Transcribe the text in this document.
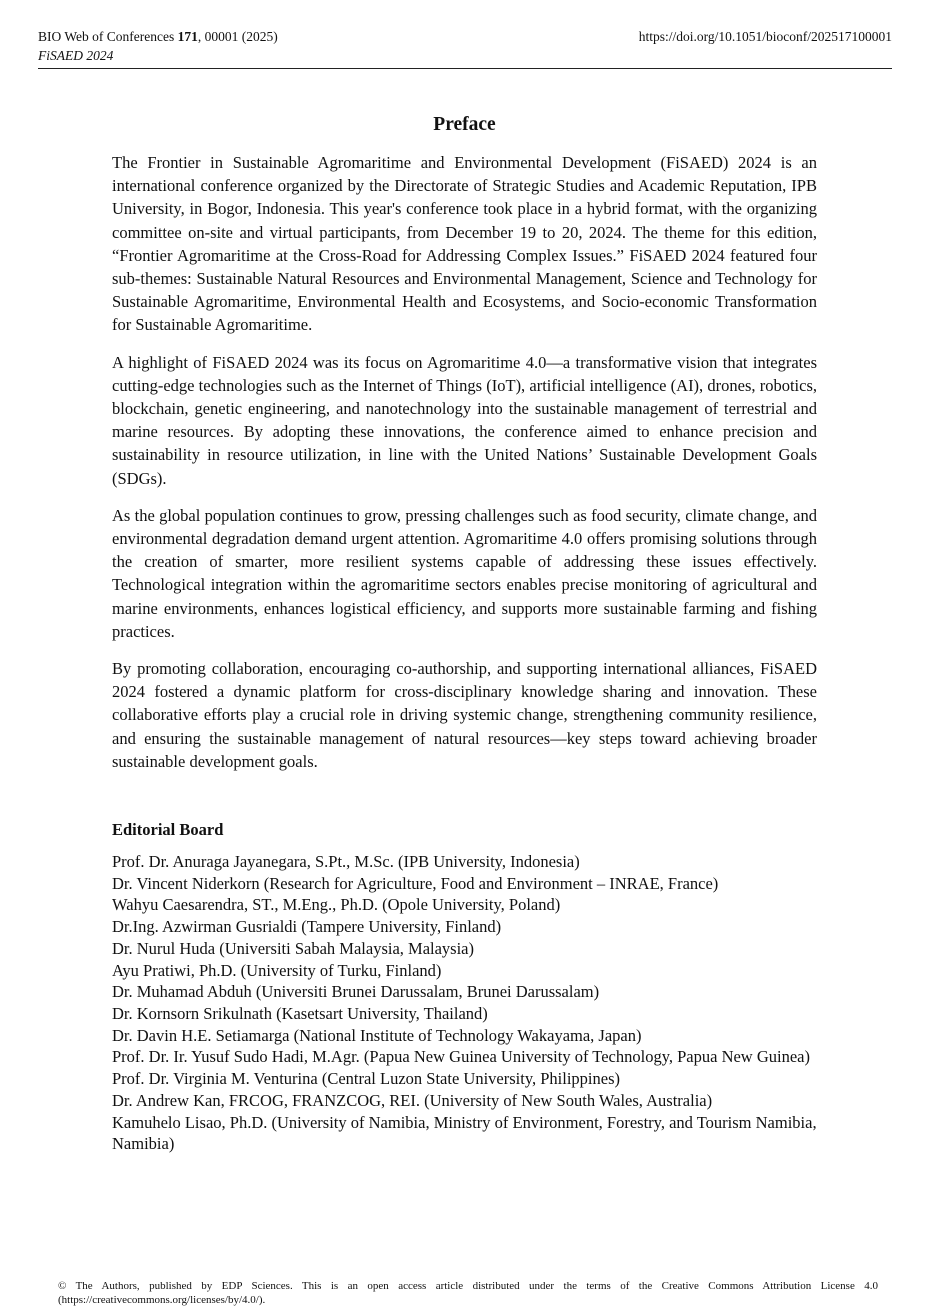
BIO Web of Conferences 171, 00001 (2025)
FiSAED 2024
https://doi.org/10.1051/bioconf/202517100001
Preface

The Frontier in Sustainable Agromaritime and Environmental Development (FiSAED) 2024 is an international conference organized by the Directorate of Strategic Studies and Academic Reputation, IPB University, in Bogor, Indonesia. This year's conference took place in a hybrid format, with the organizing committee on-site and virtual participants, from December 19 to 20, 2024. The theme for this edition, “Frontier Agromaritime at the Cross-Road for Addressing Complex Issues.” FiSAED 2024 featured four sub-themes: Sustainable Natural Resources and Environmental Management, Science and Technology for Sustainable Agromaritime, Environmental Health and Ecosystems, and Socio-economic Transformation for Sustainable Agromaritime.

A highlight of FiSAED 2024 was its focus on Agromaritime 4.0—a transformative vision that integrates cutting-edge technologies such as the Internet of Things (IoT), artificial intelligence (AI), drones, robotics, blockchain, genetic engineering, and nanotechnology into the sustainable management of terrestrial and marine resources. By adopting these innovations, the conference aimed to enhance precision and sustainability in resource utilization, in line with the United Nations’ Sustainable Development Goals (SDGs).

As the global population continues to grow, pressing challenges such as food security, climate change, and environmental degradation demand urgent attention. Agromaritime 4.0 offers promising solutions through the creation of smarter, more resilient systems capable of addressing these issues effectively. Technological integration within the agromaritime sectors enables precise monitoring of agricultural and marine environments, enhances logistical efficiency, and supports more sustainable farming and fishing practices.

By promoting collaboration, encouraging co-authorship, and supporting international alliances, FiSAED 2024 fostered a dynamic platform for cross-disciplinary knowledge sharing and innovation. These collaborative efforts play a crucial role in driving systemic change, strengthening community resilience, and ensuring the sustainable management of natural resources—key steps toward achieving broader sustainable development goals.

Editorial Board
Prof. Dr. Anuraga Jayanegara, S.Pt., M.Sc. (IPB University, Indonesia)
Dr. Vincent Niderkorn (Research for Agriculture, Food and Environment – INRAE, France)
Wahyu Caesarendra, ST., M.Eng., Ph.D. (Opole University, Poland)
Dr.Ing. Azwirman Gusrialdi (Tampere University, Finland)
Dr. Nurul Huda (Universiti Sabah Malaysia, Malaysia)
Ayu Pratiwi, Ph.D. (University of Turku, Finland)
Dr. Muhamad Abduh (Universiti Brunei Darussalam, Brunei Darussalam)
Dr. Kornsorn Srikulnath (Kasetsart University, Thailand)
Dr. Davin H.E. Setiamarga (National Institute of Technology Wakayama, Japan)
Prof. Dr. Ir. Yusuf Sudo Hadi, M.Agr. (Papua New Guinea University of Technology, Papua New Guinea)
Prof. Dr. Virginia M. Venturina (Central Luzon State University, Philippines)
Dr. Andrew Kan, FRCOG, FRANZCOG, REI. (University of New South Wales, Australia)
Kamuhelo Lisao, Ph.D. (University of Namibia, Ministry of Environment, Forestry, and Tourism Namibia, Namibia)
© The Authors, published by EDP Sciences. This is an open access article distributed under the terms of the Creative Commons Attribution License 4.0 (https://creativecommons.org/licenses/by/4.0/).
